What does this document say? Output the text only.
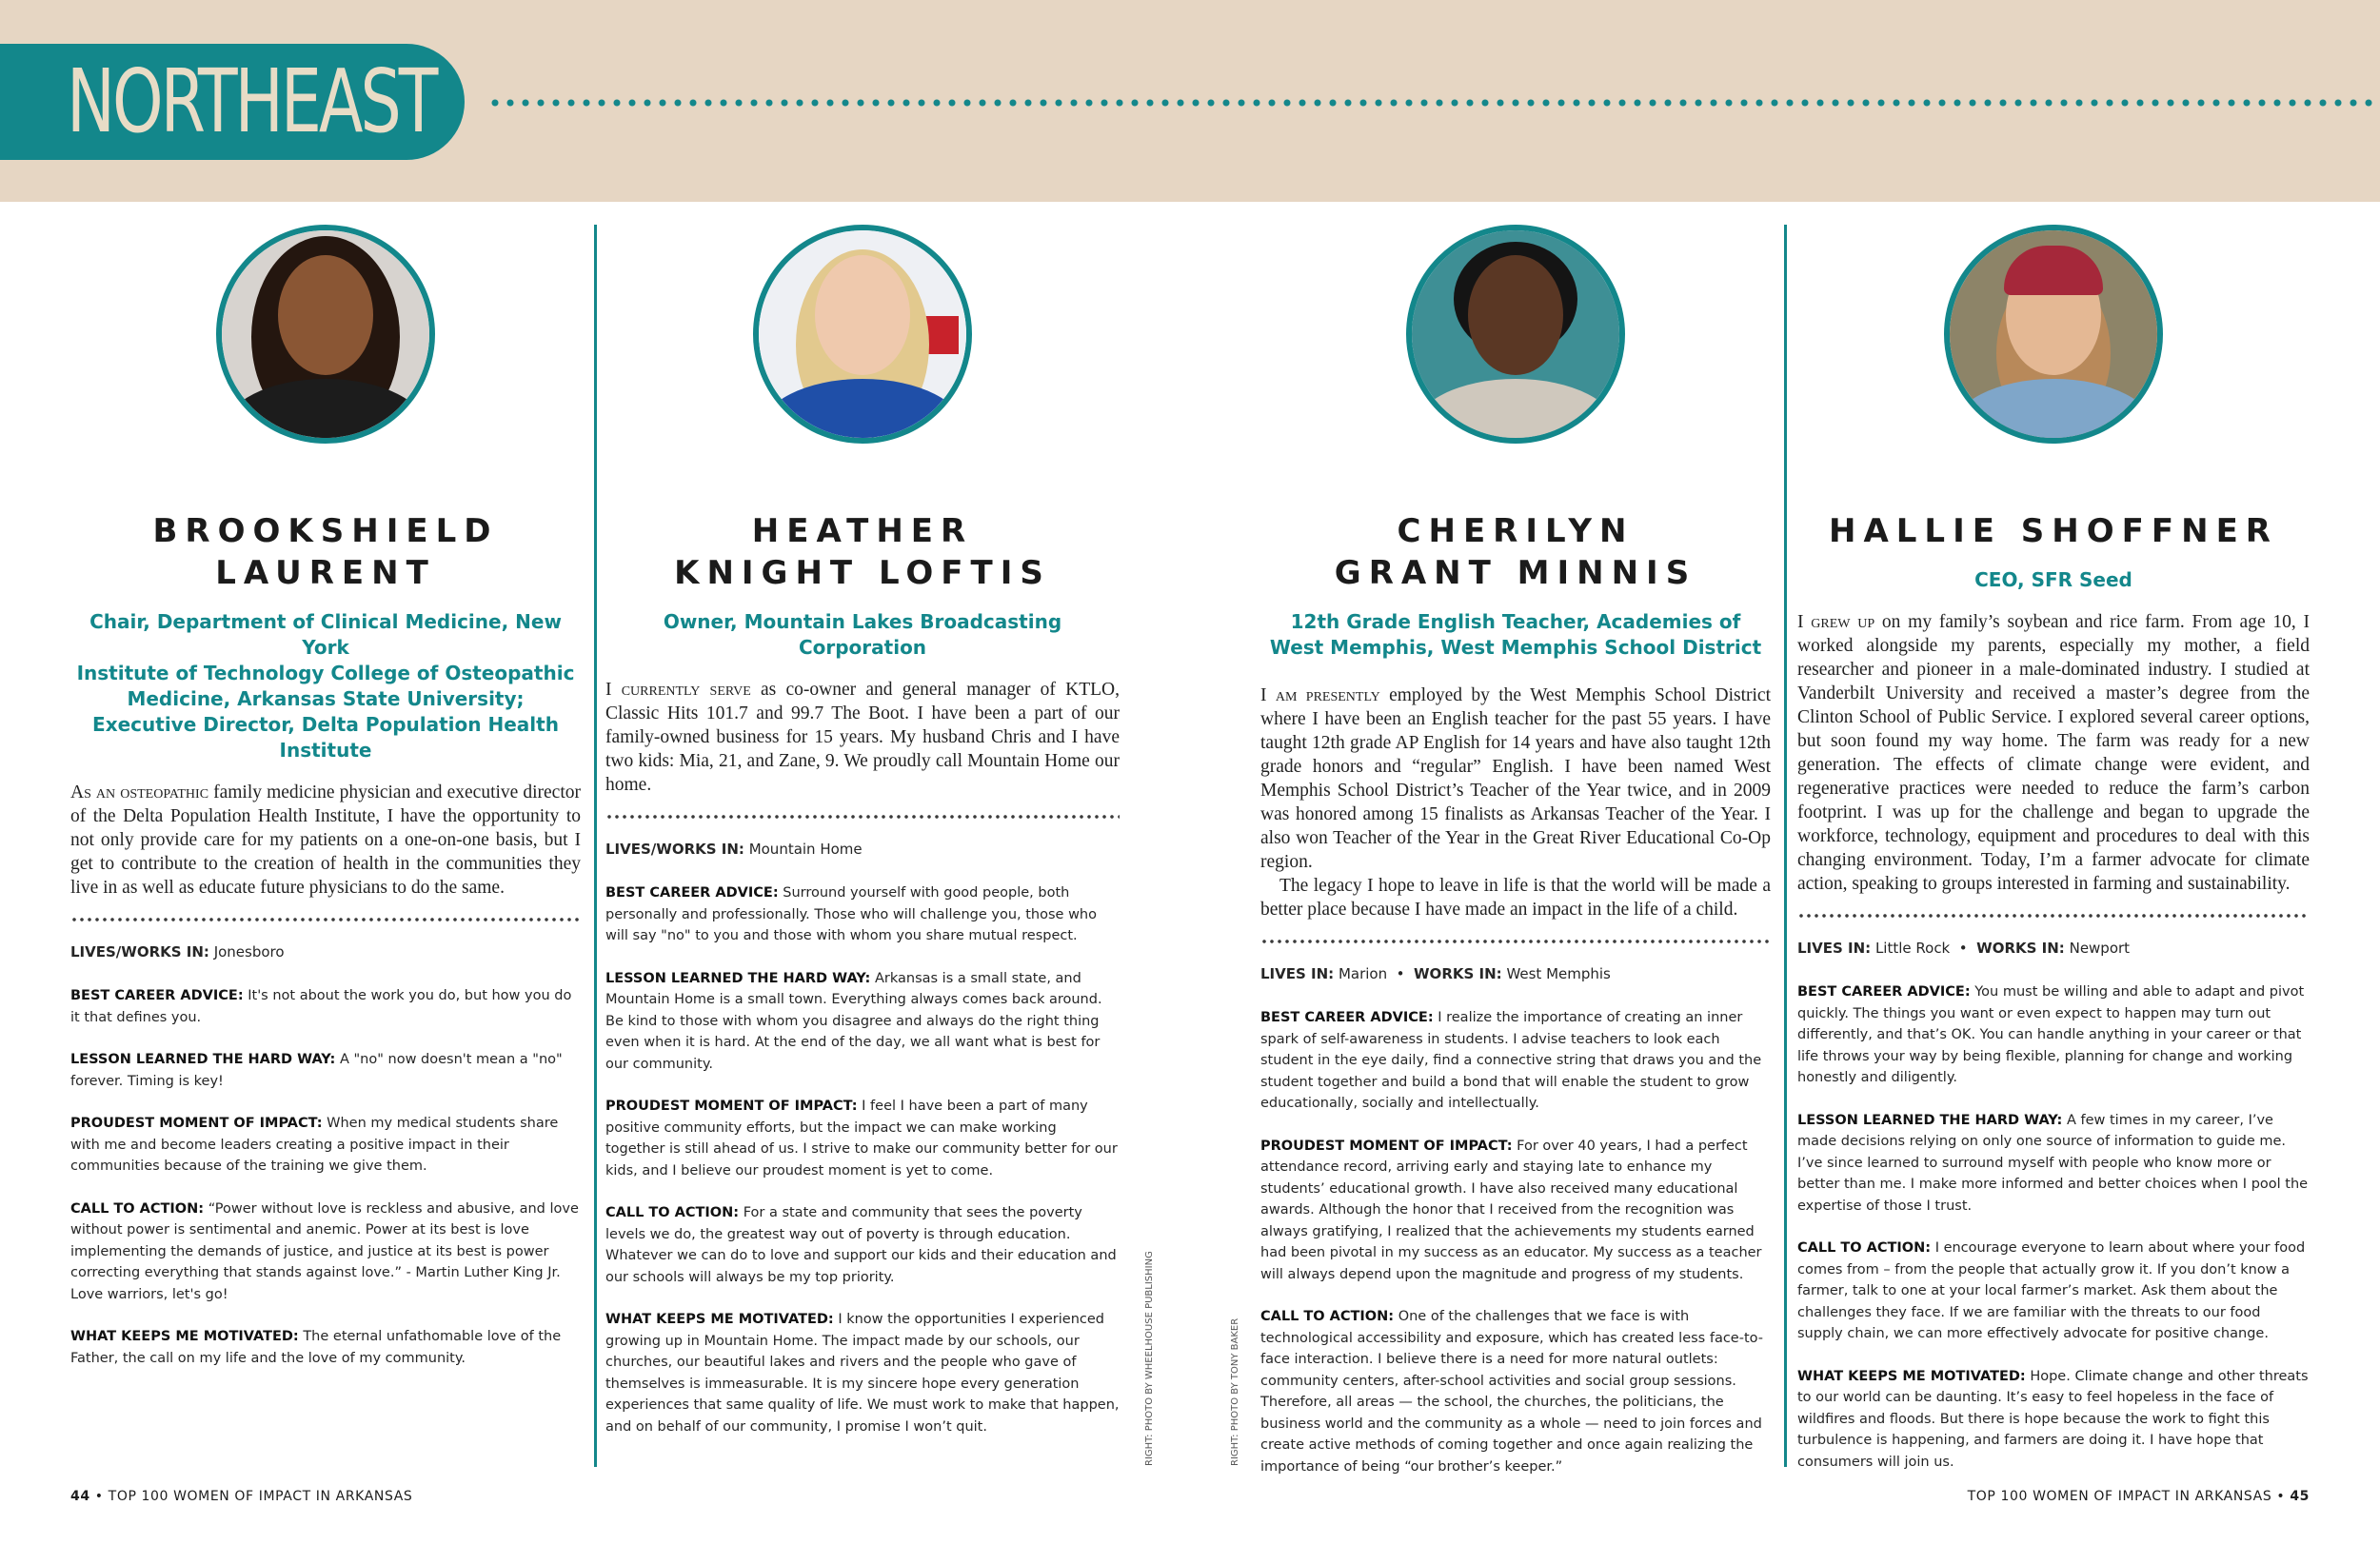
NORTHEAST
BROOKSHIELD
LAURENT

Chair, Department of Clinical Medicine, New York

Institute of Technology College of Osteopathic

Medicine, Arkansas State University;

Executive Director, Delta Population Health Institute

As an osteopathic family medicine physician and executive director of the Delta Population Health Institute, I have the opportunity to not only provide care for my patients on a one-on-one basis, but I get to contribute to the creation of health in the communities they live in as well as educate future physicians to do the same.

LIVES/WORKS IN: Jonesboro

BEST CAREER ADVICE: It's not about the work you do, but how you do it that defines you.

LESSON LEARNED THE HARD WAY: A "no" now doesn't mean a "no" forever. Timing is key!

PROUDEST MOMENT OF IMPACT: When my medical students share with me and become leaders creating a positive impact in their communities because of the training we give them.

CALL TO ACTION: “Power without love is reckless and abusive, and love without power is sentimental and anemic. Power at its best is love implementing the demands of justice, and justice at its best is power correcting everything that stands against love.” - Martin Luther King Jr. Love warriors, let's go!

WHAT KEEPS ME MOTIVATED: The eternal unfathomable love of the Father, the call on my life and the love of my community.

HEATHER
KNIGHT LOFTIS

Owner, Mountain Lakes Broadcasting Corporation

I currently serve as co-owner and general manager of KTLO, Classic Hits 101.7 and 99.7 The Boot. I have been a part of our family-owned business for 15 years. My husband Chris and I have two kids: Mia, 21, and Zane, 9. We proudly call Mountain Home our home.

LIVES/WORKS IN: Mountain Home

BEST CAREER ADVICE: Surround yourself with good people, both personally and professionally. Those who will challenge you, those who will say "no" to you and those with whom you share mutual respect.

LESSON LEARNED THE HARD WAY: Arkansas is a small state, and Mountain Home is a small town. Everything always comes back around. Be kind to those with whom you disagree and always do the right thing even when it is hard. At the end of the day, we all want what is best for our community.

PROUDEST MOMENT OF IMPACT: I feel I have been a part of many positive community efforts, but the impact we can make working together is still ahead of us. I strive to make our community better for our kids, and I believe our proudest moment is yet to come.

CALL TO ACTION: For a state and community that sees the poverty levels we do, the greatest way out of poverty is through education. Whatever we can do to love and support our kids and their education and our schools will always be my top priority.

WHAT KEEPS ME MOTIVATED: I know the opportunities I experienced growing up in Mountain Home. The impact made by our schools, our churches, our beautiful lakes and rivers and the people who gave of themselves is immeasurable. It is my sincere hope every generation experiences that same quality of life. We must work to make that happen, and on behalf of our community, I promise I won’t quit.	RIGHT: PHOTO BY WHEELHOUSE PUBLISHING	RIGHT: PHOTO BY TONY BAKER
CHERILYN
GRANT MINNIS

12th Grade English Teacher, Academies of

West Memphis, West Memphis School District

I am presently employed by the West Memphis School District where I have been an English teacher for the past 55 years. I have taught 12th grade AP English for 14 years and have also taught 12th grade honors and “regular” English. I have been named West Memphis School District’s Teacher of the Year twice, and in 2009 was honored among 15 finalists as Arkansas Teacher of the Year. I also won Teacher of the Year in the Great River Educational Co-Op region.

The legacy I hope to leave in life is that the world will be made a better place because I have made an impact in the life of a child.

LIVES IN: Marion  •  WORKS IN: West Memphis

BEST CAREER ADVICE: I realize the importance of creating an inner spark of self-awareness in students. I advise teachers to look each student in the eye daily, find a connective string that draws you and the student together and build a bond that will enable the student to grow educationally, socially and intellectually.

PROUDEST MOMENT OF IMPACT: For over 40 years, I had a perfect attendance record, arriving early and staying late to enhance my students’ educational growth. I have also received many educational awards. Although the honor that I received from the recognition was always gratifying, I realized that the achievements my students earned had been pivotal in my success as an educator. My success as a teacher will always depend upon the magnitude and progress of my students.

CALL TO ACTION: One of the challenges that we face is with technological accessibility and exposure, which has created less face-to-face interaction. I believe there is a need for more natural outlets: community centers, after-school activities and social group sessions. Therefore, all areas — the school, the churches, the politicians, the business world and the community as a whole — need to join forces and create active methods of coming together and once again realizing the importance of being “our brother’s keeper.”

HALLIE SHOFFNER

CEO, SFR Seed

I grew up on my family’s soybean and rice farm. From age 10, I worked alongside my parents, especially my mother, a field researcher and pioneer in a male-dominated industry. I studied at Vanderbilt University and received a master’s degree from the Clinton School of Public Service. I explored several career options, but soon found my way home. The farm was ready for a new generation. The effects of climate change were evident, and regenerative practices were needed to reduce the farm’s carbon footprint. I was up for the challenge and began to upgrade the workforce, technology, equipment and procedures to deal with this changing environment. Today, I’m a farmer advocate for climate action, speaking to groups interested in farming and sustainability.

LIVES IN: Little Rock  •  WORKS IN: Newport

BEST CAREER ADVICE: You must be willing and able to adapt and pivot quickly. The things you want or even expect to happen may turn out differently, and that’s OK. You can handle anything in your career or that life throws your way by being flexible, planning for change and working honestly and diligently.

LESSON LEARNED THE HARD WAY: A few times in my career, I’ve made decisions relying on only one source of information to guide me. I’ve since learned to surround myself with people who know more or better than me. I make more informed and better choices when I pool the expertise of those I trust.

CALL TO ACTION: I encourage everyone to learn about where your food comes from – from the people that actually grow it. If you don’t know a farmer, talk to one at your local farmer’s market. Ask them about the challenges they face. If we are familiar with the threats to our food supply chain, we can more effectively advocate for positive change.

WHAT KEEPS ME MOTIVATED: Hope. Climate change and other threats to our world can be daunting. It’s easy to feel hopeless in the face of wildfires and floods. But there is hope because the work to fight this turbulence is happening, and farmers are doing it. I have hope that consumers will join us.

44 • TOP 100 WOMEN OF IMPACT IN ARKANSAS	TOP 100 WOMEN OF IMPACT IN ARKANSAS • 45
